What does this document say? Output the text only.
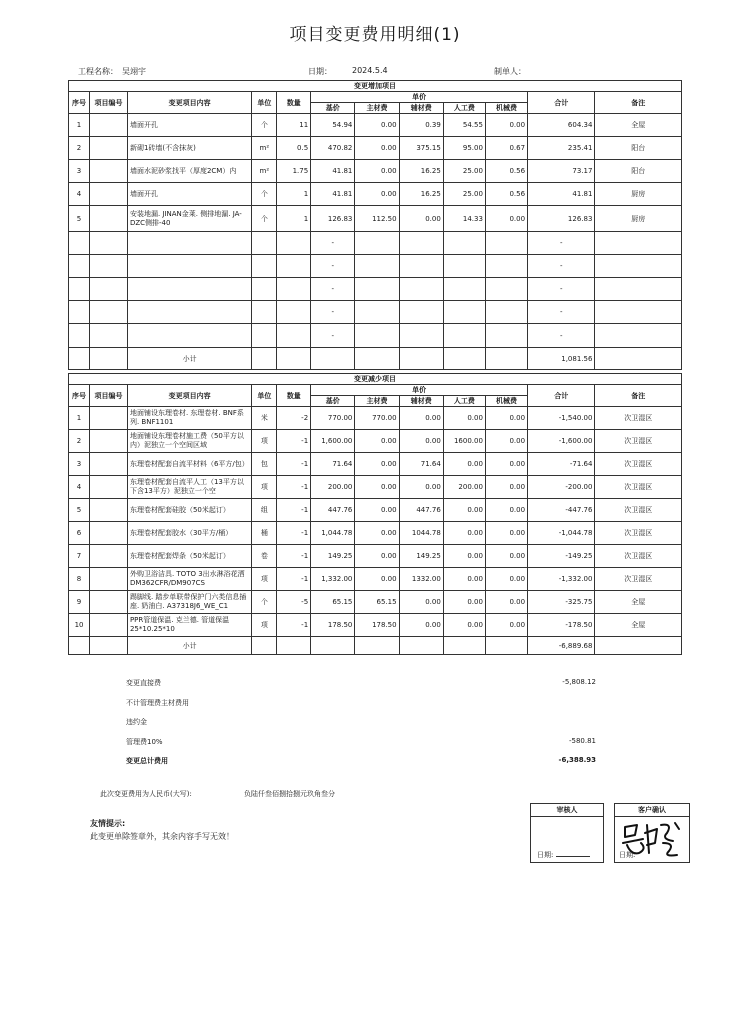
项目变更费用明细(1)
工程名称： 吴翊宇	日期：	2024.5.4	制单人：
变更增加项目											
序号	项目编号	变更项目内容	单位	数量	单价					合计	备注
					基价	主材费	辅材费	人工费	机械费		
1		墙面开孔	个	11	54.94	0.00	0.39	54.55	0.00	604.34	全屋
2		新砌1砖墙(不含抹灰)	m²	0.5	470.82	0.00	375.15	95.00	0.67	235.41	阳台
3		墙面水泥砂浆找平（厚度2CM）内	m²	1.75	41.81	0.00	16.25	25.00	0.56	73.17	阳台
4		墙面开孔	个	1	41.81	0.00	16.25	25.00	0.56	41.81	厨房
5		安装地漏. JINAN金莱. 侧排地漏. JA-DZC侧排-40	个	1	126.83	112.50	0.00	14.33	0.00	126.83	厨房
					-					-	
					-					-	
					-					-	
					-					-	
					-					-	
		小计								1,081.56	
变更减少项目											
序号	项目编号	变更项目内容	单位	数量	单价					合计	备注
					基价	主材费	辅材费	人工费	机械费		
1		地面铺设东理卷材. 东理卷材. BNF系列. BNF1101	米	-2	770.00	770.00	0.00	0.00	0.00	-1,540.00	次卫湿区
2		地面铺设东理卷材施工费（50平方以内）泥独立一个空间区域	项	-1	1,600.00	0.00	0.00	1600.00	0.00	-1,600.00	次卫湿区
3		东理卷材配套自流平材料（6平方/包）	包	-1	71.64	0.00	71.64	0.00	0.00	-71.64	次卫湿区
4		东理卷材配套自流平人工（13平方以下含13平方）泥独立一个空	项	-1	200.00	0.00	0.00	200.00	0.00	-200.00	次卫湿区
5		东理卷材配套硅胶（50米起订）	组	-1	447.76	0.00	447.76	0.00	0.00	-447.76	次卫湿区
6		东理卷材配套胶水（30平方/桶）	桶	-1	1,044.78	0.00	1044.78	0.00	0.00	-1,044.78	次卫湿区
7		东理卷材配套焊条（50米起订）	卷	-1	149.25	0.00	149.25	0.00	0.00	-149.25	次卫湿区
8		外购卫浴洁具. TOTO 3出水淋浴花洒DM362CFR/DM907CS	项	-1	1,332.00	0.00	1332.00	0.00	0.00	-1,332.00	次卫湿区
9		踢脚线. 踏步单联带保护门六类信息插座. 奶油白. A37318J6_WE_C1	个	-5	65.15	65.15	0.00	0.00	0.00	-325.75	全屋
10		PPR管道保温. 克兰德. 管道保温25*10.25*10	项	-1	178.50	178.50	0.00	0.00	0.00	-178.50	全屋
		小计								-6,889.68	
变更直接费	-5,808.12
不计管理费主材费用
违约金
管理费10%	-580.81
变更总计费用	-6,388.93
此次变更费用为人民币(大写):	负陆仟叁佰捌拾捌元玖角叁分
友情提示:
此变更单除签章外，其余内容手写无效！
审核人
日期:
客户确认
日期:
